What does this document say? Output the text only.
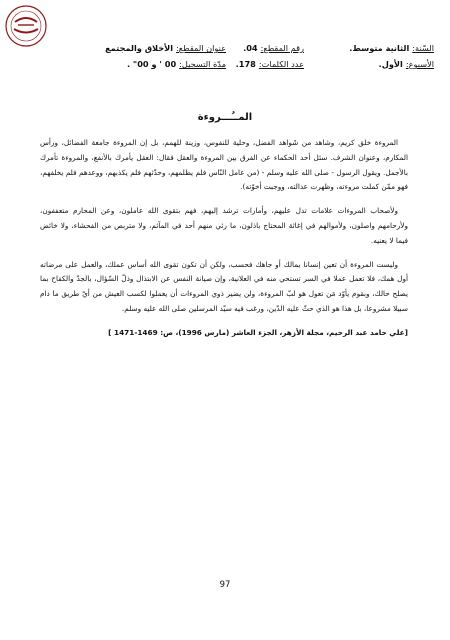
السّنة:
الثانية متوسط.
رقم المقطع:
04.
عنوان المقطع:
الأخلاق والمجتمع
الأسبوع:
الأول.
عدد الكلمات:
178.
مدّة التسجيل:
00 ' و 00" .
المــُـــروءة

المروءة خلق كريم، وشاهد من شَواهد الفضل، وحلية للنفوس، وزينة للهمم، بل إن المروءة جامعة الفضائل، ورأس المكارم، وعنوان الشرف. سئل أحد الحكماء عن الفرق بين المروءة والعقل فقال: العقل يأمرك بالأنفع، والمروءة تأمرك بالأجمل. ويقول الرسول - صلى الله عليه وسلم - (من عامل النّاس فلم يظلمهم، وحدّثهم فلم يكذبهم، ووعدهم فلم يخلفهم، فهو ممّن كملت مروءته، وظهرت عدالته، ووجبت أخوّته).

ولأصحاب المروءات علامات تدل عليهم، وأمارات ترشد إليهم، فهم بتقوى الله عاملون، وعن المحارم متعففون، ولأرحامهم واصلون، ولأموالهم في إغاثة المحتاج باذلون، ما رئي منهم أحد في المآثم، ولا متربص من الفحشاء، ولا خائض فيما لا يعنيه.

وليست المروءة أن تعين إنسانا بمالك أو جاهك فحسب، ولكن أن تكون تقوى الله أساس عملك، والعمل على مرضاته أول همك، فلا تعمل عملا في السر تستحي منه في العلانية، وإن صيانة النفس عن الابتذال وذلّ السّؤال، بالجدّ والكفاح بما يصلح حالك، وبقوم يأوّد مَن تعول هو لبّ المروءة، ولن يضير ذوي المروءات أن يعملوا لكسب العيش من أيّ طريق ما دام سبيلا مشروعا، بل هذا هو الذي حثّ عليه الدّين، ورغب فيه سيّد المرسلين صلى الله عليه وسلم.

[علي حامد عبد الرحيم، مجلة الأزهر، الجزء العاشر (مارس 1996)، ص: 1469-1471 ]

97
